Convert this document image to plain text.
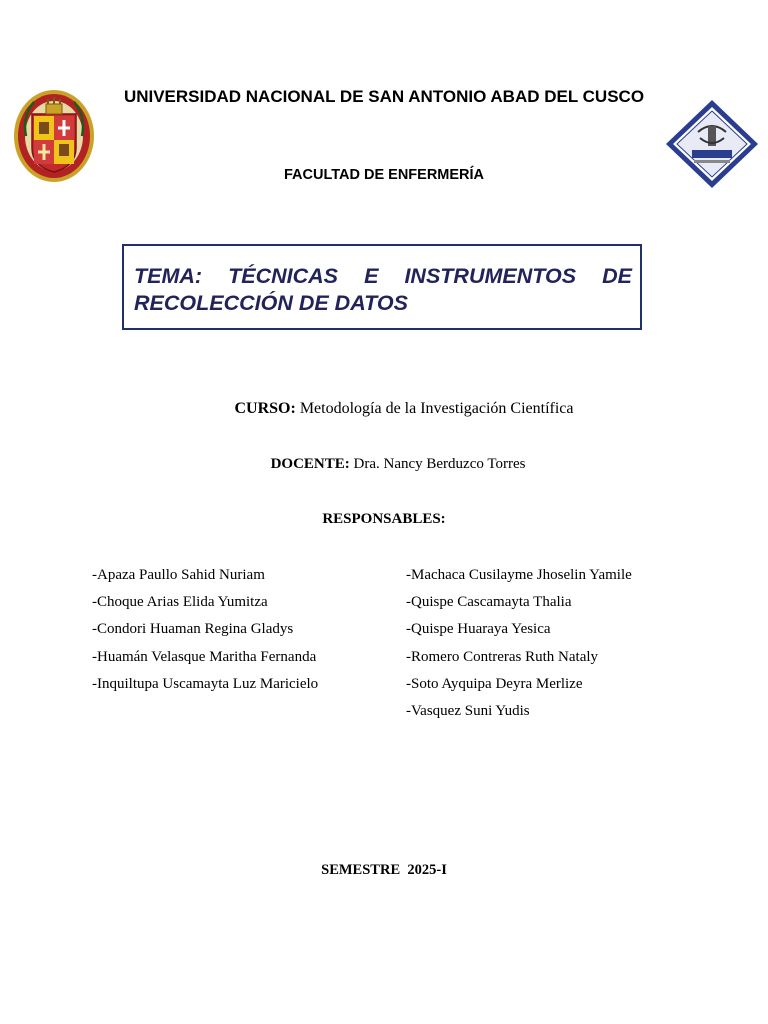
UNIVERSIDAD NACIONAL DE SAN ANTONIO ABAD DEL CUSCO
FACULTAD DE ENFERMERÍA
TEMA: TÉCNICAS E INSTRUMENTOS DE RECOLECCIÓN DE DATOS
CURSO: Metodología de la Investigación Científica
DOCENTE: Dra. Nancy Berduzco Torres
RESPONSABLES:
-Apaza Paullo Sahid Nuriam
-Choque Arias Elida Yumitza
-Condori Huaman Regina Gladys
-Huamán Velasque Maritha Fernanda
-Inquiltupa Uscamayta Luz Maricielo
-Machaca Cusilayme Jhoselin Yamile
-Quispe Cascamayta Thalia
-Quispe Huaraya Yesica
-Romero Contreras Ruth Nataly
-Soto Ayquipa Deyra Merlize
-Vasquez Suni Yudis
SEMESTRE  2025-I
